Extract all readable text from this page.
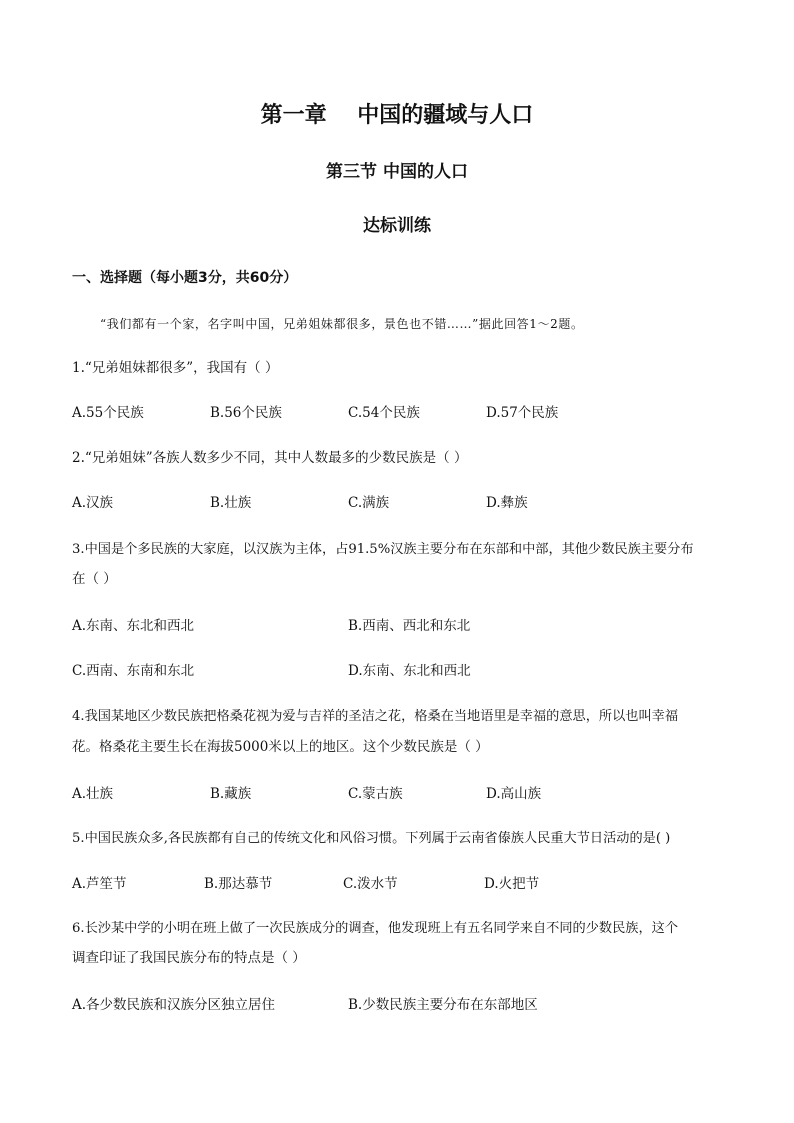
第一章    中国的疆域与人口
第三节 中国的人口
达标训练
一、选择题（每小题3分，共60分）
“我们都有一个家，名字叫中国，兄弟姐妹都很多，景色也不错……”据此回答1～2题。
1.“兄弟姐妹都很多”，我国有（ ）
A.55个民族	B.56个民族	C.54个民族	D.57个民族
2.“兄弟姐妹”各族人数多少不同，其中人数最多的少数民族是（ ）
A.汉族	B.壮族	C.满族	D.彝族
3.中国是个多民族的大家庭，以汉族为主体，占91.5%汉族主要分布在东部和中部，其他少数民族主要分布
在（ ）
A.东南、东北和西北	B.西南、西北和东北
C.西南、东南和东北	D.东南、东北和西北
4.我国某地区少数民族把格桑花视为爱与吉祥的圣洁之花，格桑在当地语里是幸福的意思，所以也叫幸福
花。格桑花主要生长在海拔5000米以上的地区。这个少数民族是（ ）
A.壮族	B.藏族	C.蒙古族	D.高山族
5.中国民族众多,各民族都有自己的传统文化和风俗习惯。下列属于云南省傣族人民重大节日活动的是( )
A.芦笙节	B.那达慕节	C.泼水节	D.火把节
6.长沙某中学的小明在班上做了一次民族成分的调查，他发现班上有五名同学来自不同的少数民族，这个
调查印证了我国民族分布的特点是（ ）
A.各少数民族和汉族分区独立居住	B.少数民族主要分布在东部地区
